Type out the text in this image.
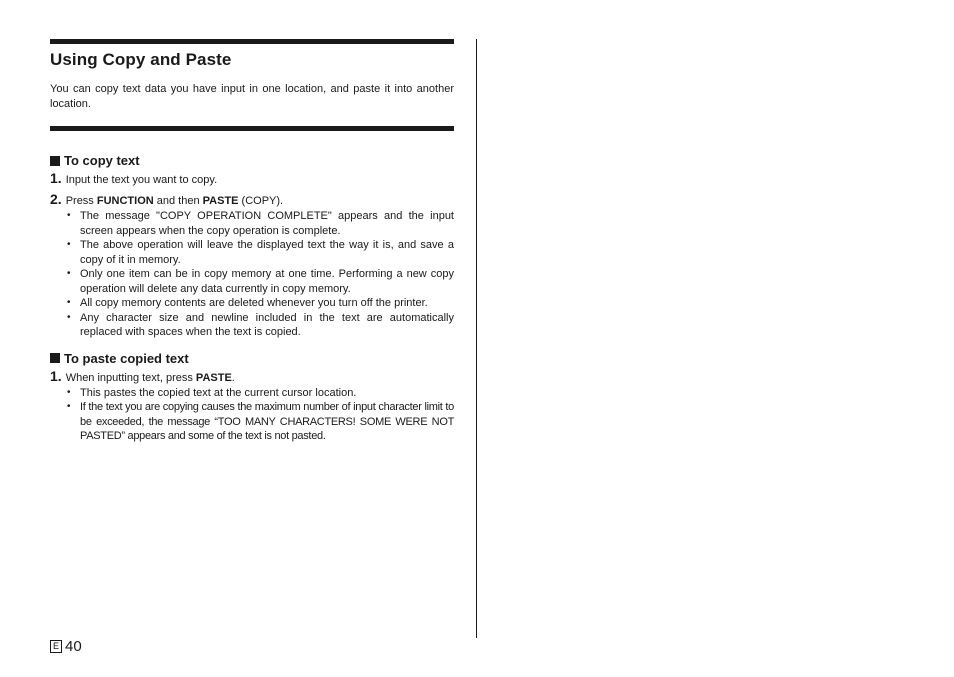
Using Copy and Paste

You can copy text data you have input in one location, and paste it into another location.

To copy text
1. Input the text you want to copy.
2. Press FUNCTION and then PASTE (COPY).
• The message "COPY OPERATION COMPLETE" appears and the input screen appears when the copy operation is complete.
• The above operation will leave the displayed text the way it is, and save a copy of it in memory.
• Only one item can be in copy memory at one time. Performing a new copy operation will delete any data currently in copy memory.
• All copy memory contents are deleted whenever you turn off the printer.
• Any character size and newline included in the text are automatically replaced with spaces when the text is copied.
To paste copied text
1. When inputting text, press PASTE.
• This pastes the copied text at the current cursor location.
• If the text you are copying causes the maximum number of input character limit to be exceeded, the message “TOO MANY CHARACTERS! SOME WERE NOT PASTED” appears and some of the text is not pasted.
E 40
